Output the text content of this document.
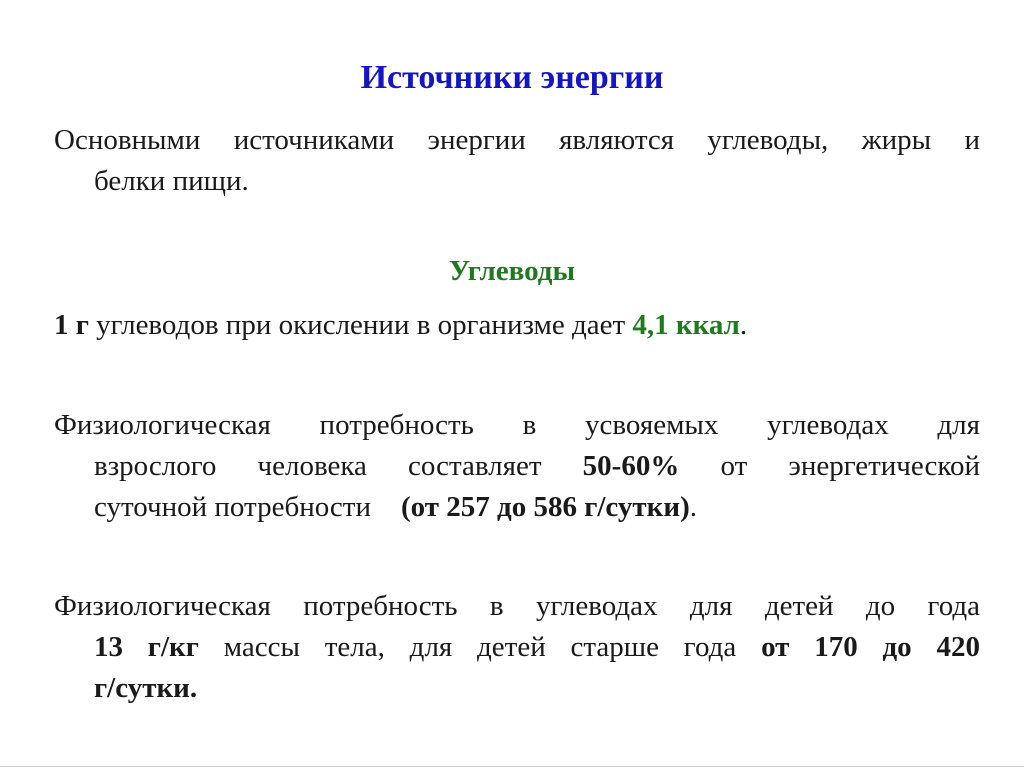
Источники энергии

Основными источниками энергии являются углеводы, жиры и
белки пищи.

Углеводы

1 г углеводов при окислении в организме дает 4,1 ккал.

Физиологическая потребность в усвояемых углеводах для
взрослого человека составляет 50-60% от энергетической
суточной потребности (от 257 до 586 г/сутки).

Физиологическая потребность в углеводах для детей до года
13 г/кг массы тела, для детей старше года от 170 до 420
г/сутки.
